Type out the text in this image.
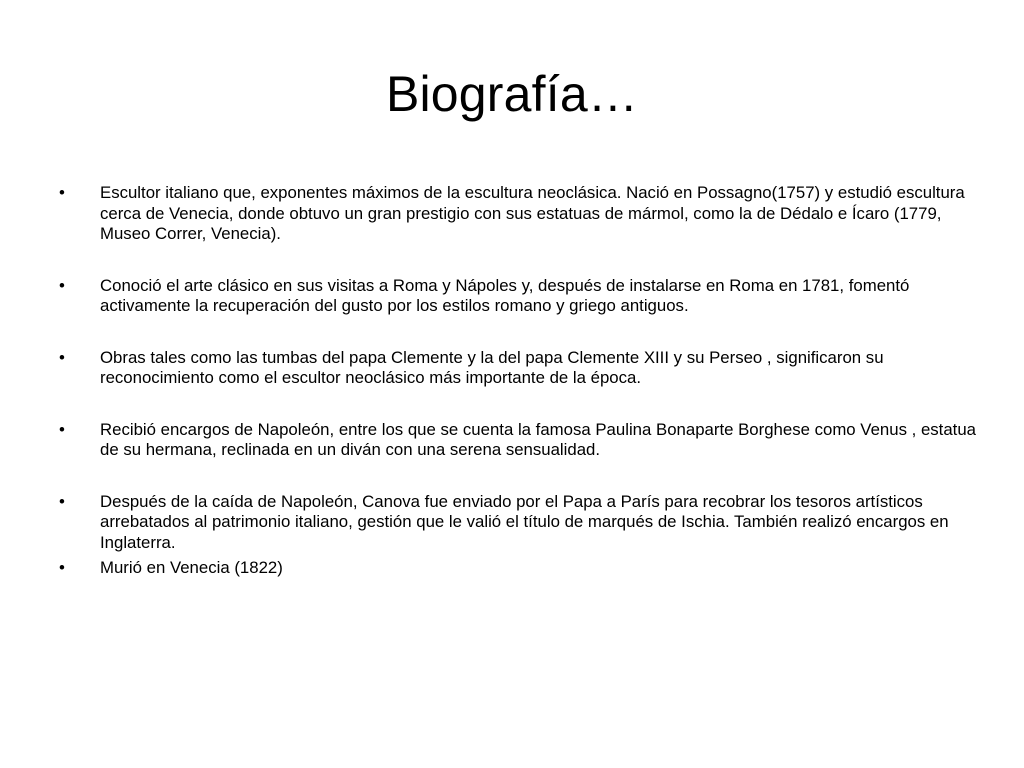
Biografía…
• Escultor italiano que, exponentes máximos de la escultura neoclásica. Nació en Possagno(1757) y estudió escultura cerca de Venecia, donde obtuvo un gran prestigio con sus estatuas de mármol, como la de Dédalo e Ícaro (1779, Museo Correr, Venecia).
• Conoció el arte clásico en sus visitas a Roma y Nápoles y, después de instalarse en Roma en 1781, fomentó activamente la recuperación del gusto por los estilos romano y griego antiguos.
• Obras tales como las tumbas del papa Clemente y la del papa Clemente XIII y su Perseo , significaron su reconocimiento como el escultor neoclásico más importante de la época.
• Recibió encargos de Napoleón, entre los que se cuenta la famosa Paulina Bonaparte Borghese como Venus , estatua de su hermana, reclinada en un diván con una serena sensualidad.
• Después de la caída de Napoleón, Canova fue enviado por el Papa a París para recobrar los tesoros artísticos arrebatados al patrimonio italiano, gestión que le valió el título de marqués de Ischia. También realizó encargos en Inglaterra.
• Murió en Venecia (1822)
